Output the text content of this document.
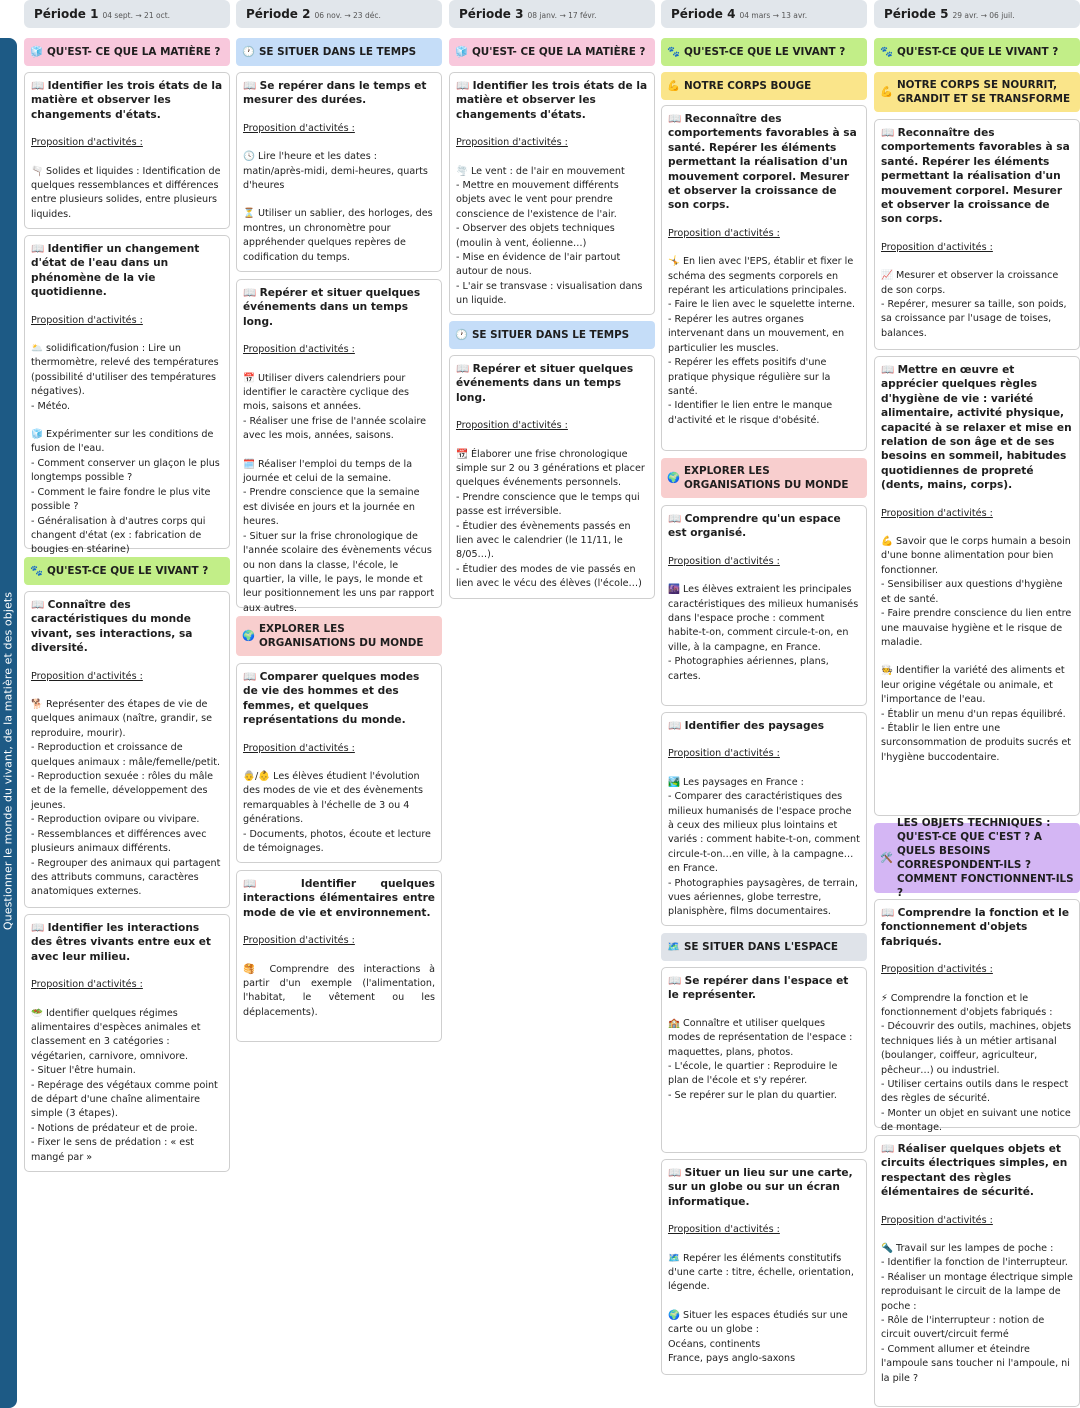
Questionner le monde du vivant, de la matière et des objets
Période 1 04 sept. → 21 oct.
🧊 QU'EST- CE QUE LA MATIÈRE ?
📖 Identifier les trois états de la matière et observer les changements d'états.
Proposition d'activités :
🫗 Solides et liquides : Identification de quelques ressemblances et différences entre plusieurs solides, entre plusieurs liquides.
📖 Identifier un changement d'état de l'eau dans un phénomène de la vie quotidienne.
Proposition d'activités :
🌥️ solidification/fusion : Lire un thermomètre, relevé des températures (possibilité d'utiliser des températures négatives).
- Météo.
🧊 Expérimenter sur les conditions de fusion de l'eau.
- Comment conserver un glaçon le plus longtemps possible ?
- Comment le faire fondre le plus vite possible ?
- Généralisation à d'autres corps qui changent d'état (ex : fabrication de bougies en stéarine)
🐾 QU'EST-CE QUE LE VIVANT ?
📖 Connaître des caractéristiques du monde vivant, ses interactions, sa diversité.
Proposition d'activités :
🐕 Représenter des étapes de vie de quelques animaux (naître, grandir, se reproduire, mourir).
- Reproduction et croissance de quelques animaux : mâle/femelle/petit.
- Reproduction sexuée : rôles du mâle et de la femelle, développement des jeunes.
- Reproduction ovipare ou vivipare.
- Ressemblances et différences avec plusieurs animaux différents.
- Regrouper des animaux qui partagent des attributs communs, caractères anatomiques externes.
📖 Identifier les interactions des êtres vivants entre eux et avec leur milieu.
Proposition d'activités :
🥗 Identifier quelques régimes alimentaires d'espèces animales et classement en 3 catégories : végétarien, carnivore, omnivore.
- Situer l'être humain.
- Repérage des végétaux comme point de départ d'une chaîne alimentaire simple (3 étapes).
- Notions de prédateur et de proie.
- Fixer le sens de prédation : « est mangé par »
Période 2 06 nov. → 23 déc.
🕐 SE SITUER DANS LE TEMPS
📖 Se repérer dans le temps et mesurer des durées.
Proposition d'activités :
🕓 Lire l'heure et les dates : matin/après-midi, demi-heures, quarts d'heures
⏳ Utiliser un sablier, des horloges, des montres, un chronomètre pour appréhender quelques repères de codification du temps.
📖 Repérer et situer quelques événements dans un temps long.
Proposition d'activités :
📅 Utiliser divers calendriers pour identifier le caractère cyclique des mois, saisons et années.
- Réaliser une frise de l'année scolaire avec les mois, années, saisons.
🗓️ Réaliser l'emploi du temps de la journée et celui de la semaine.
- Prendre conscience que la semaine est divisée en jours et la journée en heures.
- Situer sur la frise chronologique de l'année scolaire des évènements vécus ou non dans la classe, l'école, le quartier, la ville, le pays, le monde et leur positionnement les uns par rapport aux autres.
🌍
EXPLORER LES ORGANISATIONS DU MONDE
📖 Comparer quelques modes de vie des hommes et des femmes, et quelques représentations du monde.
Proposition d'activités :
👵/👶 Les élèves étudient l'évolution des modes de vie et des évènements remarquables à l'échelle de 3 ou 4 générations.
- Documents, photos, écoute et lecture de témoignages.
📖 Identifier quelques interactions élémentaires entre mode de vie et environnement.
Proposition d'activités :
🥞 Comprendre des interactions à partir d'un exemple (l'alimentation, l'habitat, le vêtement ou les déplacements).
Période 3 08 janv. → 17 févr.
🧊 QU'EST- CE QUE LA MATIÈRE ?
📖 Identifier les trois états de la matière et observer les changements d'états.
Proposition d'activités :
🌪️ Le vent : de l'air en mouvement
- Mettre en mouvement différents objets avec le vent pour prendre conscience de l'existence de l'air.
- Observer des objets techniques (moulin à vent, éolienne…)
- Mise en évidence de l'air partout autour de nous.
- L'air se transvase : visualisation dans un liquide.
🕐 SE SITUER DANS LE TEMPS
📖 Repérer et situer quelques événements dans un temps long.
Proposition d'activités :
📆 Élaborer une frise chronologique simple sur 2 ou 3 générations et placer quelques événements personnels.
- Prendre conscience que le temps qui passe est irréversible.
- Étudier des évènements passés en lien avec le calendrier (le 11/11, le 8/05…).
- Étudier des modes de vie passés en lien avec le vécu des élèves (l'école…)
Période 4 04 mars → 13 avr.
🐾 QU'EST-CE QUE LE VIVANT ?
💪 NOTRE CORPS BOUGE
📖 Reconnaître des comportements favorables à sa santé. Repérer les éléments permettant la réalisation d'un mouvement corporel. Mesurer et observer la croissance de son corps.
Proposition d'activités :
🤸 En lien avec l'EPS, établir et fixer le schéma des segments corporels en repérant les articulations principales.
- Faire le lien avec le squelette interne.
- Repérer les autres organes intervenant dans un mouvement, en particulier les muscles.
- Repérer les effets positifs d'une pratique physique régulière sur la santé.
- Identifier le lien entre le manque d'activité et le risque d'obésité.
🌍
EXPLORER LES ORGANISATIONS DU MONDE
📖 Comprendre qu'un espace est organisé.
Proposition d'activités :
🌆 Les élèves extraient les principales caractéristiques des milieux humanisés dans l'espace proche : comment habite-t-on, comment circule-t-on, en ville, à la campagne, en France.
- Photographies aériennes, plans, cartes.
📖 Identifier des paysages
Proposition d'activités :
🏞️ Les paysages en France :
- Comparer des caractéristiques des milieux humanisés de l'espace proche à ceux des milieux plus lointains et variés : comment habite-t-on, comment circule-t-on…en ville, à la campagne…en France.
- Photographies paysagères, de terrain, vues aériennes, globe terrestre, planisphère, films documentaires.
🗺️ SE SITUER DANS L'ESPACE
📖 Se repérer dans l'espace et le représenter.
🏫 Connaître et utiliser quelques modes de représentation de l'espace : maquettes, plans, photos.
- L'école, le quartier : Reproduire le plan de l'école et s'y repérer.
- Se repérer sur le plan du quartier.
📖 Situer un lieu sur une carte, sur un globe ou sur un écran informatique.
Proposition d'activités :
🗺️ Repérer les éléments constitutifs d'une carte : titre, échelle, orientation, légende.
🌍 Situer les espaces étudiés sur une carte ou un globe :
Océans, continents
France, pays anglo-saxons
Période 5 29 avr. → 06 juil.
🐾 QU'EST-CE QUE LE VIVANT ?
💪
NOTRE CORPS SE NOURRIT, GRANDIT ET SE TRANSFORME
📖 Reconnaître des comportements favorables à sa santé. Repérer les éléments permettant la réalisation d'un mouvement corporel. Mesurer et observer la croissance de son corps.
Proposition d'activités :
📈 Mesurer et observer la croissance de son corps.
- Repérer, mesurer sa taille, son poids, sa croissance par l'usage de toises, balances.
📖 Mettre en œuvre et apprécier quelques règles d'hygiène de vie : variété alimentaire, activité physique, capacité à se relaxer et mise en relation de son âge et de ses besoins en sommeil, habitudes quotidiennes de propreté (dents, mains, corps).
Proposition d'activités :
💪 Savoir que le corps humain a besoin d'une bonne alimentation pour bien fonctionner.
- Sensibiliser aux questions d'hygiène et de santé.
- Faire prendre conscience du lien entre une mauvaise hygiène et le risque de maladie.
🧑‍🍳 Identifier la variété des aliments et leur origine végétale ou animale, et l'importance de l'eau.
- Établir un menu d'un repas équilibré.
- Établir le lien entre une surconsommation de produits sucrés et l'hygiène buccodentaire.
🛠️
LES OBJETS TECHNIQUES : QU'EST-CE QUE C'EST ? A QUELS BESOINS CORRESPONDENT-ILS ? COMMENT FONCTIONNENT-ILS ?
📖 Comprendre la fonction et le fonctionnement d'objets fabriqués.
Proposition d'activités :
⚡ Comprendre la fonction et le fonctionnement d'objets fabriqués :
- Découvrir des outils, machines, objets techniques liés à un métier artisanal (boulanger, coiffeur, agriculteur, pêcheur…) ou industriel.
- Utiliser certains outils dans le respect des règles de sécurité.
- Monter un objet en suivant une notice de montage.
📖 Réaliser quelques objets et circuits électriques simples, en respectant des règles élémentaires de sécurité.
Proposition d'activités :
🔦 Travail sur les lampes de poche :
- Identifier la fonction de l'interrupteur.
- Réaliser un montage électrique simple reproduisant le circuit de la lampe de poche :
- Rôle de l'interrupteur : notion de circuit ouvert/circuit fermé
- Comment allumer et éteindre l'ampoule sans toucher ni l'ampoule, ni la pile ?
